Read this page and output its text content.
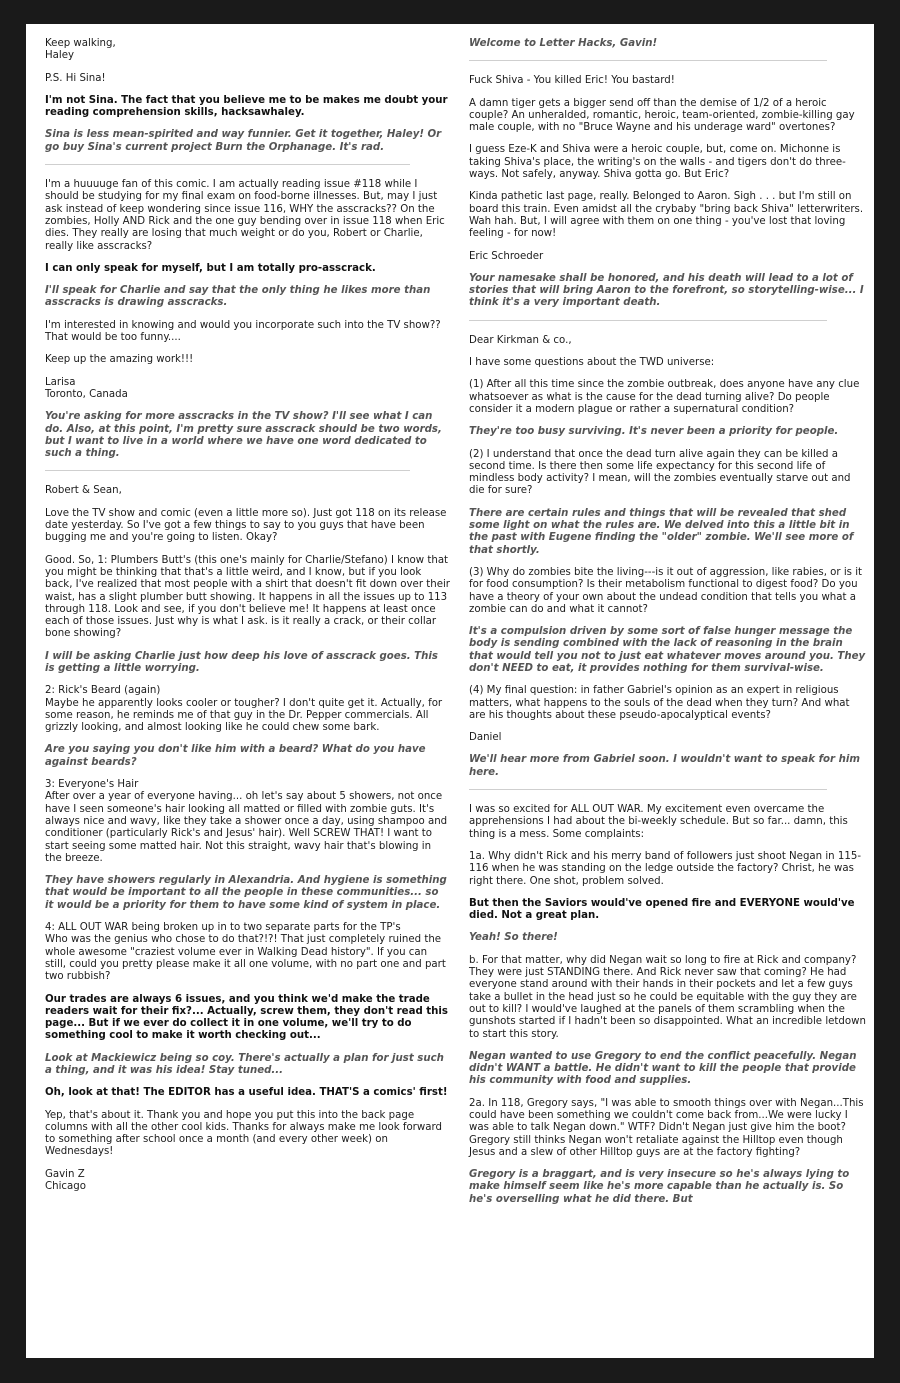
Keep walking,
Haley

P.S. Hi Sina!

I'm not Sina. The fact that you believe me to be makes me doubt your reading comprehension skills, hacksawhaley.

Sina is less mean-spirited and way funnier. Get it together, Haley! Or go buy Sina's current project Burn the Orphanage. It's rad.

I'm a huuuuge fan of this comic. I am actually reading issue #118 while I should be studying for my final exam on food-borne illnesses. But, may I just ask instead of keep wondering since issue 116, WHY the asscracks?? On the zombies, Holly AND Rick and the one guy bending over in issue 118 when Eric dies. They really are losing that much weight or do you, Robert or Charlie, really like asscracks?

I can only speak for myself, but I am totally pro-asscrack.

I'll speak for Charlie and say that the only thing he likes more than asscracks is drawing asscracks.

I'm interested in knowing and would you incorporate such into the TV show?? That would be too funny....

Keep up the amazing work!!!

Larisa
Toronto, Canada

You're asking for more asscracks in the TV show? I'll see what I can do. Also, at this point, I'm pretty sure asscrack should be two words, but I want to live in a world where we have one word dedicated to such a thing.

Robert & Sean,

Love the TV show and comic (even a little more so). Just got 118 on its release date yesterday. So I've got a few things to say to you guys that have been bugging me and you're going to listen. Okay?

Good. So, 1: Plumbers Butt's (this one's mainly for Charlie/Stefano) I know that you might be thinking that that's a little weird, and I know, but if you look back, I've realized that most people with a shirt that doesn't fit down over their waist, has a slight plumber butt showing. It happens in all the issues up to 113 through 118. Look and see, if you don't believe me! It happens at least once each of those issues. Just why is what I ask. is it really a crack, or their collar bone showing?

I will be asking Charlie just how deep his love of asscrack goes. This is getting a little worrying.

2: Rick's Beard (again)
Maybe he apparently looks cooler or tougher? I don't quite get it. Actually, for some reason, he reminds me of that guy in the Dr. Pepper commercials. All grizzly looking, and almost looking like he could chew some bark.

Are you saying you don't like him with a beard? What do you have against beards?

3: Everyone's Hair
After over a year of everyone having... oh let's say about 5 showers, not once have I seen someone's hair looking all matted or filled with zombie guts. It's always nice and wavy, like they take a shower once a day, using shampoo and conditioner (particularly Rick's and Jesus' hair). Well SCREW THAT! I want to start seeing some matted hair. Not this straight, wavy hair that's blowing in the breeze.

They have showers regularly in Alexandria. And hygiene is something that would be important to all the people in these communities... so it would be a priority for them to have some kind of system in place.

4: ALL OUT WAR being broken up in to two separate parts for the TP's
Who was the genius who chose to do that?!?! That just completely ruined the whole awesome "craziest volume ever in Walking Dead history". If you can still, could you pretty please make it all one volume, with no part one and part two rubbish?

Our trades are always 6 issues, and you think we'd make the trade readers wait for their fix?... Actually, screw them, they don't read this page... But if we ever do collect it in one volume, we'll try to do something cool to make it worth checking out...

Look at Mackiewicz being so coy. There's actually a plan for just such a thing, and it was his idea! Stay tuned...

Oh, look at that! The EDITOR has a useful idea. THAT'S a comics' first!

Yep, that's about it. Thank you and hope you put this into the back page columns with all the other cool kids. Thanks for always make me look forward to something after school once a month (and every other week) on Wednesdays!

Gavin Z
Chicago

Welcome to Letter Hacks, Gavin!

Fuck Shiva - You killed Eric! You bastard!

A damn tiger gets a bigger send off than the demise of 1/2 of a heroic couple? An unheralded, romantic, heroic, team-oriented, zombie-killing gay male couple, with no "Bruce Wayne and his underage ward" overtones?

I guess Eze-K and Shiva were a heroic couple, but, come on. Michonne is taking Shiva's place, the writing's on the walls - and tigers don't do three-ways. Not safely, anyway. Shiva gotta go. But Eric?

Kinda pathetic last page, really. Belonged to Aaron. Sigh . . . but I'm still on board this train. Even amidst all the crybaby "bring back Shiva" letterwriters. Wah hah. But, I will agree with them on one thing - you've lost that loving feeling - for now!

Eric Schroeder

Your namesake shall be honored, and his death will lead to a lot of stories that will bring Aaron to the forefront, so storytelling-wise... I think it's a very important death.

Dear Kirkman & co.,

I have some questions about the TWD universe:

(1) After all this time since the zombie outbreak, does anyone have any clue whatsoever as what is the cause for the dead turning alive? Do people consider it a modern plague or rather a supernatural condition?

They're too busy surviving. It's never been a priority for people.

(2) I understand that once the dead turn alive again they can be killed a second time. Is there then some life expectancy for this second life of mindless body activity? I mean, will the zombies eventually starve out and die for sure?

There are certain rules and things that will be revealed that shed some light on what the rules are. We delved into this a little bit in the past with Eugene finding the "older" zombie. We'll see more of that shortly.

(3) Why do zombies bite the living---is it out of aggression, like rabies, or is it for food consumption? Is their metabolism functional to digest food? Do you have a theory of your own about the undead condition that tells you what a zombie can do and what it cannot?

It's a compulsion driven by some sort of false hunger message the body is sending combined with the lack of reasoning in the brain that would tell you not to just eat whatever moves around you. They don't NEED to eat, it provides nothing for them survival-wise.

(4) My final question: in father Gabriel's opinion as an expert in religious matters, what happens to the souls of the dead when they turn? And what are his thoughts about these pseudo-apocalyptical events?

Daniel

We'll hear more from Gabriel soon. I wouldn't want to speak for him here.

I was so excited for ALL OUT WAR. My excitement even overcame the apprehensions I had about the bi-weekly schedule. But so far... damn, this thing is a mess. Some complaints:

1a. Why didn't Rick and his merry band of followers just shoot Negan in 115-116 when he was standing on the ledge outside the factory? Christ, he was right there. One shot, problem solved.

But then the Saviors would've opened fire and EVERYONE would've died. Not a great plan.

Yeah! So there!

b. For that matter, why did Negan wait so long to fire at Rick and company? They were just STANDING there. And Rick never saw that coming? He had everyone stand around with their hands in their pockets and let a few guys take a bullet in the head just so he could be equitable with the guy they are out to kill? I would've laughed at the panels of them scrambling when the gunshots started if I hadn't been so disappointed. What an incredible letdown to start this story.

Negan wanted to use Gregory to end the conflict peacefully. Negan didn't WANT a battle. He didn't want to kill the people that provide his community with food and supplies.

2a. In 118, Gregory says, "I was able to smooth things over with Negan...This could have been something we couldn't come back from...We were lucky I was able to talk Negan down." WTF? Didn't Negan just give him the boot? Gregory still thinks Negan won't retaliate against the Hilltop even though Jesus and a slew of other Hilltop guys are at the factory fighting?

Gregory is a braggart, and is very insecure so he's always lying to make himself seem like he's more capable than he actually is. So he's overselling what he did there. But
